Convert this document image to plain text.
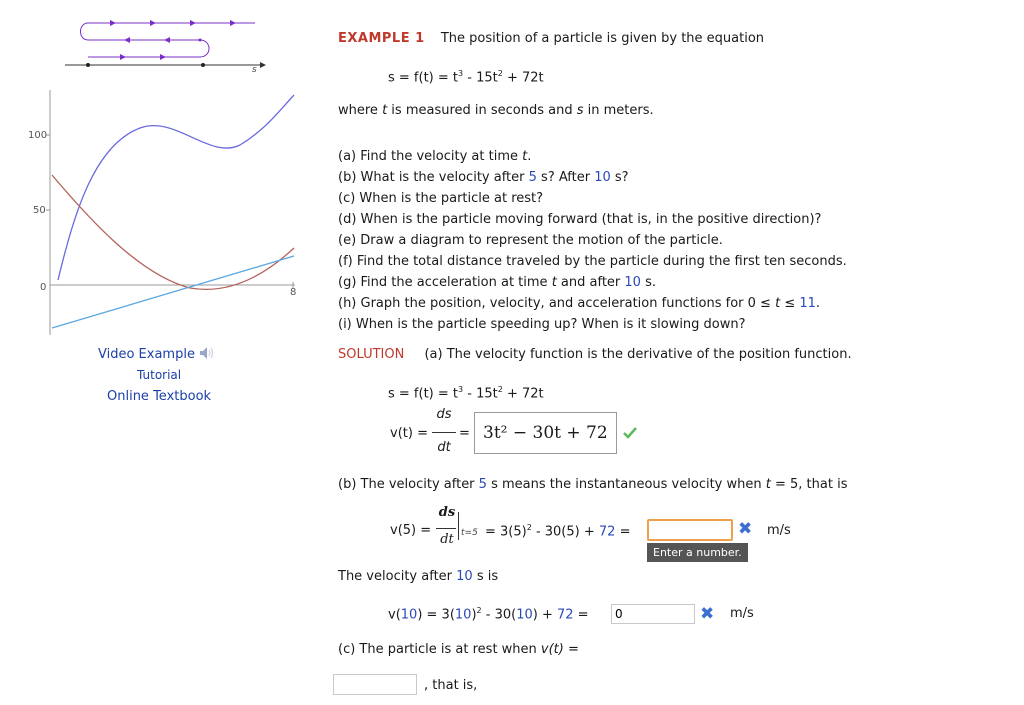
s
100
50
0	8
Video Example
Tutorial
Online Textbook
EXAMPLE 1 The position of a particle is given by the equation
$s = f(t) = t^3 - 15t^2 + 72t$
where t is measured in seconds and s in meters.
(a) Find the velocity at time t.
(b) What is the velocity after 5 s? After 10 s?
(c) When is the particle at rest?
(d) When is the particle moving forward (that is, in the positive direction)?
(e) Draw a diagram to represent the motion of the particle.
(f) Find the total distance traveled by the particle during the first ten seconds.
(g) Find the acceleration at time t and after 10 s.
(h) Graph the position, velocity, and acceleration functions for 0 ≤ t ≤ 11.
(i) When is the particle speeding up? When is it slowing down?
SOLUTION (a) The velocity function is the derivative of the position function.
$s = f(t) = t^3 - 15t^2 + 72t$
v(t) =
ds
dt
= 3t² − 30t + 72
(b) The velocity after 5 s means the instantaneous velocity when t = 5, that is
v(5) =
ds
dt $t=5 = 3(5)^2 - 30(5) + 72$ =	✖ m/s
Enter a number.
The velocity after 10 s is
$v(10) = 3(10)^2 - 30(10) + 72$ =
0	✖ m/s
(c) The particle is at rest when v(t) =
, that is,
